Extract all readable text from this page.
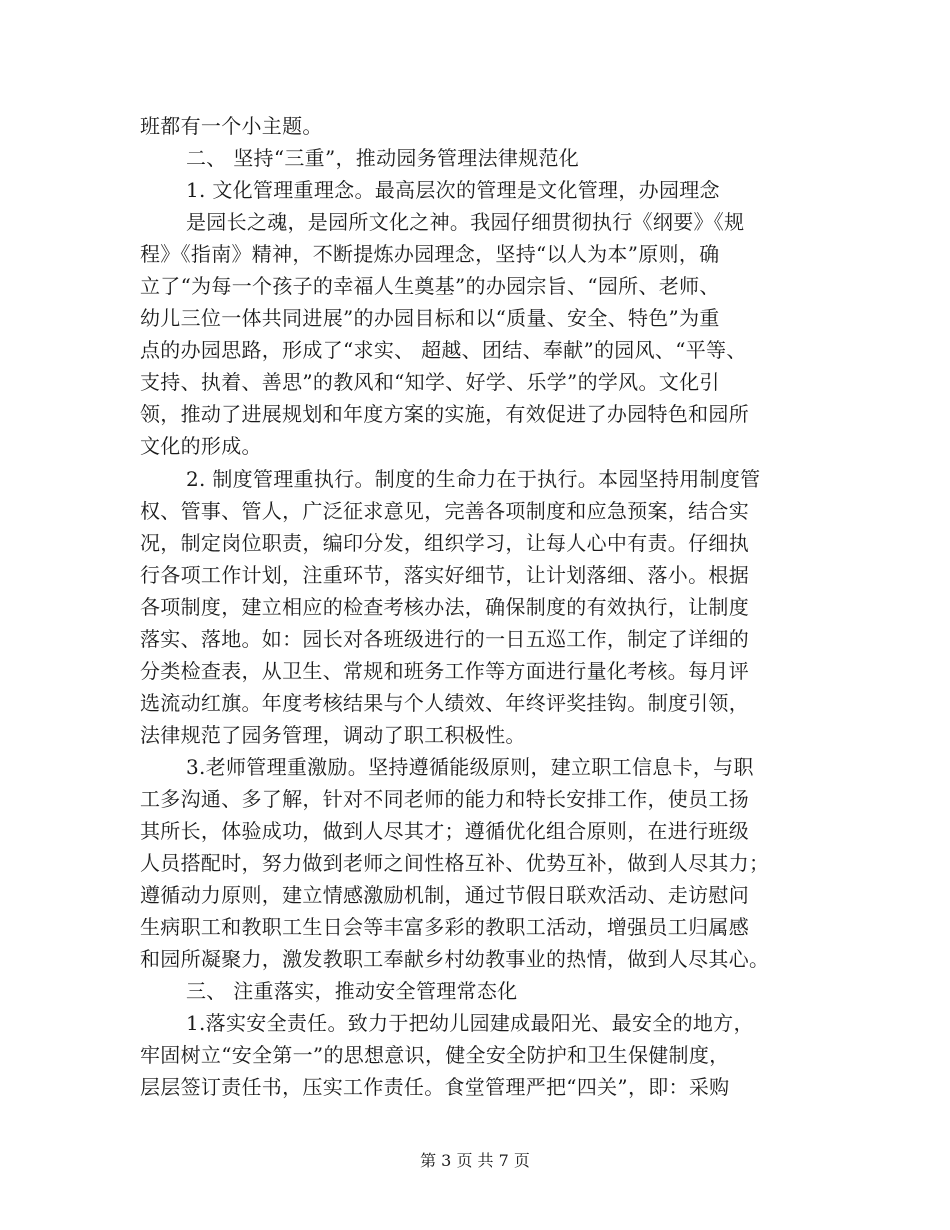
班都有一个小主题。
二、 坚持“三重”，推动园务管理法律规范化
1. 文化管理重理念。最高层次的管理是文化管理，办园理念
是园长之魂，是园所文化之神。我园仔细贯彻执行《纲要》《规
程》《指南》精神，不断提炼办园理念，坚持“以人为本”原则，确
立了“为每一个孩子的幸福人生奠基”的办园宗旨、“园所、老师、
幼儿三位一体共同进展”的办园目标和以“质量、安全、特色”为重
点的办园思路，形成了“求实、 超越、团结、奉献”的园风、“平等、
支持、执着、善思”的教风和“知学、好学、乐学”的学风。文化引
领，推动了进展规划和年度方案的实施，有效促进了办园特色和园所
文化的形成。
2. 制度管理重执行。制度的生命力在于执行。本园坚持用制度管
权、管事、管人，广泛征求意见，完善各项制度和应急预案，结合实
况，制定岗位职责，编印分发，组织学习，让每人心中有责。仔细执
行各项工作计划，注重环节，落实好细节，让计划落细、落小。根据
各项制度，建立相应的检查考核办法，确保制度的有效执行，让制度
落实、落地。如：园长对各班级进行的一日五巡工作，制定了详细的
分类检查表，从卫生、常规和班务工作等方面进行量化考核。每月评
选流动红旗。年度考核结果与个人绩效、年终评奖挂钩。制度引领，
法律规范了园务管理，调动了职工积极性。
3.老师管理重激励。坚持遵循能级原则，建立职工信息卡，与职
工多沟通、多了解，针对不同老师的能力和特长安排工作，使员工扬
其所长，体验成功，做到人尽其才；遵循优化组合原则，在进行班级
人员搭配时，努力做到老师之间性格互补、优势互补，做到人尽其力；
遵循动力原则，建立情感激励机制，通过节假日联欢活动、走访慰问
生病职工和教职工生日会等丰富多彩的教职工活动，增强员工归属感
和园所凝聚力，激发教职工奉献乡村幼教事业的热情，做到人尽其心。
三、 注重落实，推动安全管理常态化
1.落实安全责任。致力于把幼儿园建成最阳光、最安全的地方，
牢固树立“安全第一”的思想意识，健全安全防护和卫生保健制度，
层层签订责任书，压实工作责任。食堂管理严把“四关”，即：采购
第 3 页 共 7 页
